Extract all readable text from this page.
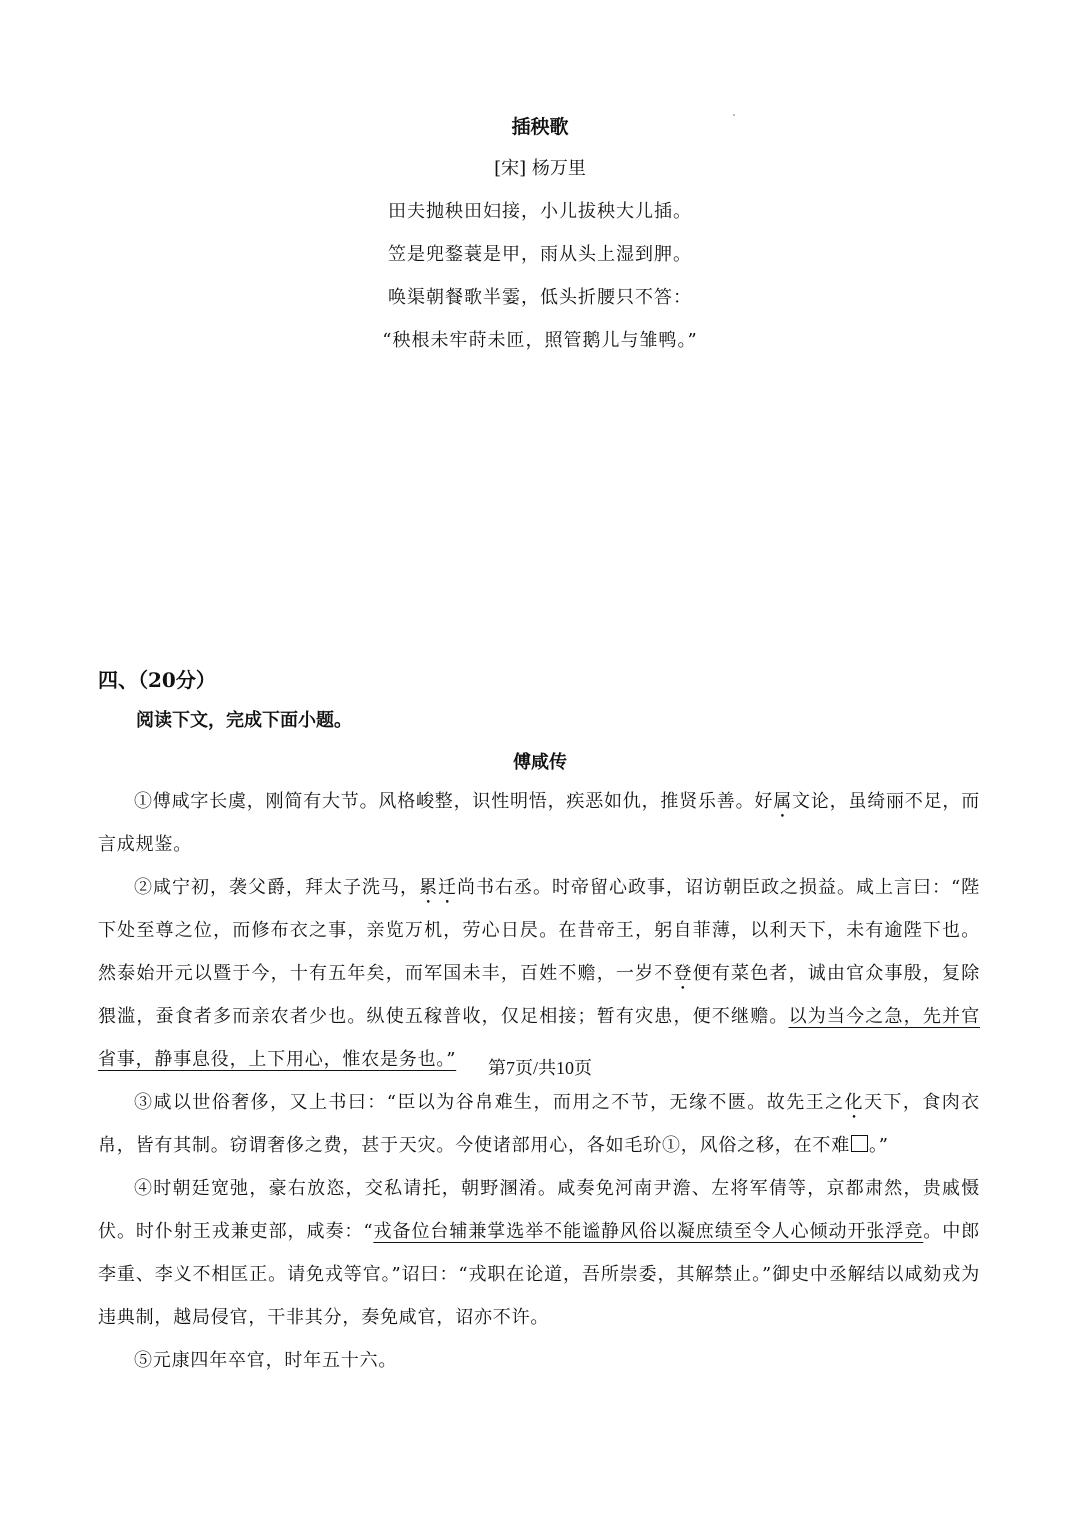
插秧歌
[宋] 杨万里
田夫抛秧田妇接，小儿拔秧大儿插。
笠是兜鍪蓑是甲，雨从头上湿到胛。
唤渠朝餐歌半霎，低头折腰只不答：
“秧根未牢莳未匝，照管鹅儿与雏鸭。”
四、（20分）
阅读下文，完成下面小题。
傅咸传

①傅咸字长虞，刚简有大节。风格峻整，识性明悟，疾恶如仇，推贤乐善。好属文论，虽绮丽不足，而言成规鉴。

②咸宁初，袭父爵，拜太子洗马，累迁尚书右丞。时帝留心政事，诏访朝臣政之损益。咸上言曰：“陛下处至尊之位，而修布衣之事，亲览万机，劳心日昃。在昔帝王，躬自菲薄，以利天下，未有逾陛下也。然泰始开元以暨于今，十有五年矣，而军国未丰，百姓不赡，一岁不登便有菜色者，诚由官众事殷，复除猥滥，蚕食者多而亲农者少也。纵使五稼普收，仅足相接；暂有灾患，便不继赡。以为当今之急，先并官省事，静事息役，上下用心，惟农是务也。”

③咸以世俗奢侈，又上书曰：“臣以为谷帛难生，而用之不节，无缘不匮。故先王之化天下，食肉衣帛，皆有其制。窃谓奢侈之费，甚于天灾。今使诸部用心，各如毛玠①，风俗之移，在不难 。”

④时朝廷宽弛，豪右放恣，交私请托，朝野溷淆。咸奏免河南尹澹、左将军倩等，京都肃然，贵戚慑伏。时仆射王戎兼吏部，咸奏：“戎备位台辅兼掌选举不能谧静风俗以凝庶绩至令人心倾动开张浮竞。中郎李重、李义不相匡正。请免戎等官。”诏曰：“戎职在论道，吾所崇委，其解禁止。”御史中丞解结以咸劾戎为违典制，越局侵官，干非其分，奏免咸官，诏亦不许。

⑤元康四年卒官，时年五十六。

第7页/共10页
